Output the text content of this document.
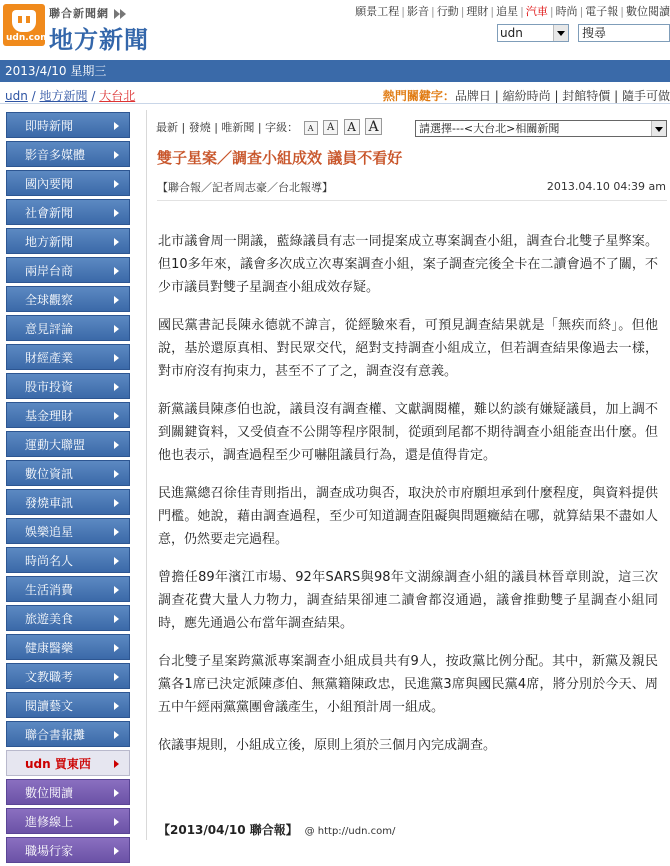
udn.com
聯合新聞網
地方新聞
願景工程 | 影音 | 行動 | 理財 | 追星 | 汽車 | 時尚 | 電子報 | 數位閱讀
udn	搜尋
2013/4/10 星期三
udn / 地方新聞 / 大台北	熱門關鍵字：品牌日 | 縮紛時尚 | 封館特價 | 隨手可做
即時新聞
影音多媒體
國內要聞
社會新聞
地方新聞
兩岸台商
全球觀察
意見評論
財經產業
股市投資
基金理財
運動大聯盟
數位資訊
發燒車訊
娛樂追星
時尚名人
生活消費
旅遊美食
健康醫藥
文教職考
閱讀藝文
聯合書報攤
udn 買東西
數位閱讀
進修線上
職場行家
最新 | 發燒 | 唯新聞 | 字級： A A A A	請選擇---<大台北>相關新聞
雙子星案／調查小組成效 議員不看好
【聯合報／記者周志豪／台北報導】	2013.04.10 04:39 am

北市議會周一開議，藍綠議員有志一同提案成立專案調查小組，調查台北雙子星弊案。但10多年來，議會多次成立次專案調查小組，案子調查完後全卡在二讀會過不了關，不少市議員對雙子星調查小組成效存疑。

國民黨書記長陳永德就不諱言，從經驗來看，可預見調查結果就是「無疾而終」。但他說，基於還原真相、對民眾交代，絕對支持調查小組成立，但若調查結果像過去一樣，對市府沒有拘束力，甚至不了了之，調查沒有意義。

新黨議員陳彥伯也說，議員沒有調查權、文獻調閱權，難以約談有嫌疑議員，加上調不到關鍵資料，又受偵查不公開等程序限制，從頭到尾都不期待調查小組能查出什麼。但他也表示，調查過程至少可嚇阻議員行為，還是值得肯定。

民進黨總召徐佳青則指出，調查成功與否，取決於市府願坦承到什麼程度，與資料提供門檻。她說，藉由調查過程，至少可知道調查阻礙與問題癥結在哪，就算結果不盡如人意，仍然要走完過程。

曾擔任89年濱江市場、92年SARS與98年文湖線調查小組的議員林晉章則說，這三次調查花費大量人力物力，調查結果卻連二讀會都沒通過，議會推動雙子星調查小組同時，應先通過公布當年調查結果。

台北雙子星案跨黨派專案調查小組成員共有9人，按政黨比例分配。其中，新黨及親民黨各1席已決定派陳彥伯、無黨籍陳政忠，民進黨3席與國民黨4席，將分別於今天、周五中午經兩黨黨團會議產生，小組預計周一組成。

依議事規則，小組成立後，原則上須於三個月內完成調查。

【2013/04/10 聯合報】 @ http://udn.com/
